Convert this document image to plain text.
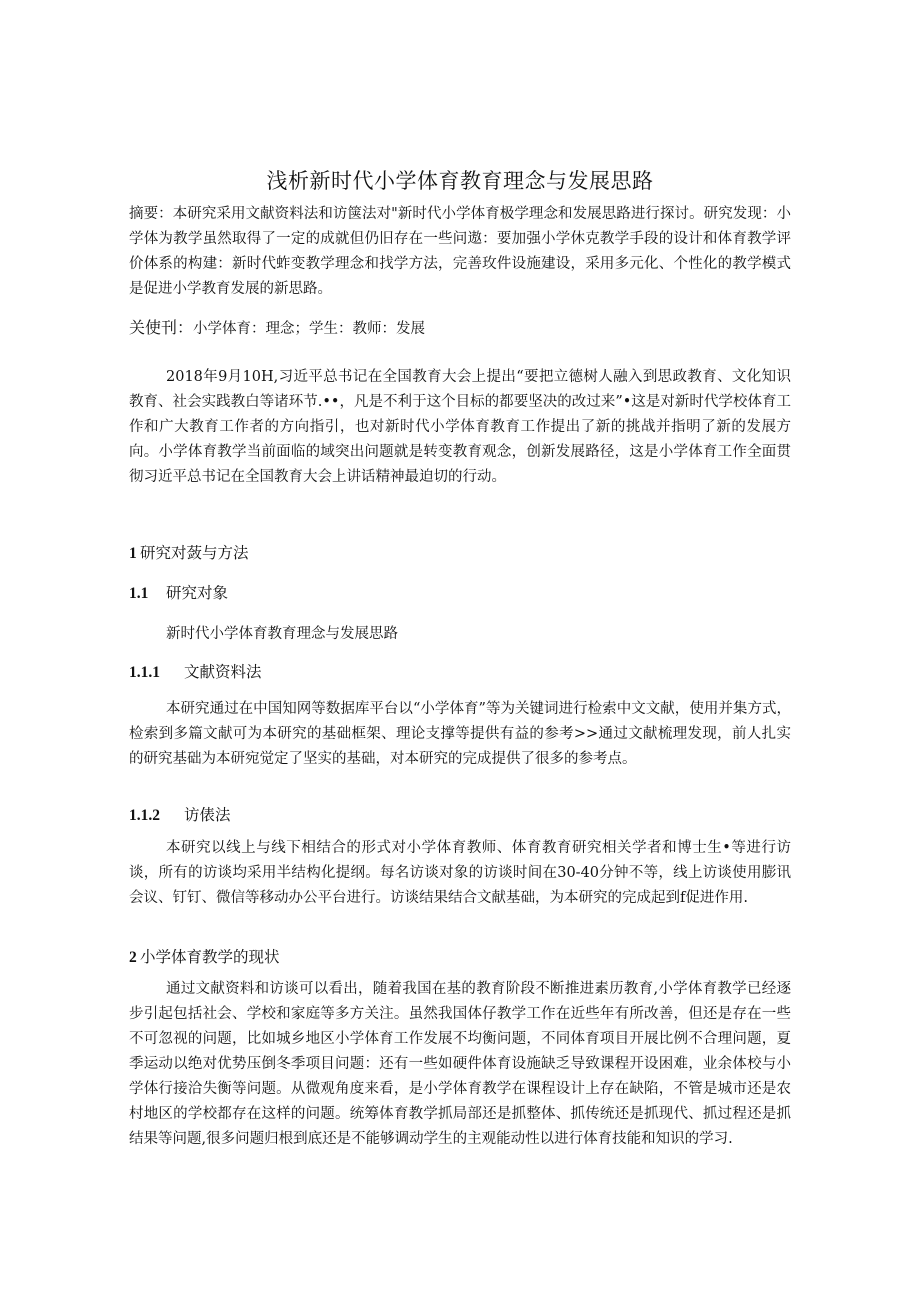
浅析新时代小学体育教育理念与发展思路
摘要：本研究采用文献资料法和访箧法对"新时代小学体育极学理念和发展思路进行探讨。研究发现：小学体为教学虽然取得了一定的成就但仍旧存在一些问遨：要加强小学休克教学手段的设计和体育教学评价体系的构建：新时代蚱变教学理念和找学方法，完善玫件设施建设，采用多元化、个性化的教学模式是促进小学教育发展的新思路。
关使刊：小学体育：理念；学生：教师：发展
2018年9月10H,习近平总书记在全国教育大会上提出“要把立德树人融入到思政教育、文化知识教育、社会实践教白等诸环节.••，凡是不利于这个目标的都要坚决的改过来”•这是对新时代学校体育工作和广大教育工作者的方向指引，也对新时代小学体育教育工作提出了新的挑战并指明了新的发展方向。小学体育教学当前面临的域突出问题就是转变教育观念，创新发展路径，这是小学体育工作全面贯彻习近平总书记在全国教育大会上讲话精神最迫切的行动。
1 研究对蔹与方法
1.1 研究对象
新时代小学体育教育理念与发展思路
1.1.1 文献资料法
本研究通过在中国知网等数据库平台以“小学体育”等为关键词进行检索中文文献，使用并集方式，检索到多篇文献可为本研究的基础框架、理论支撑等提供有益的参考>>通过文献梳理发现，前人扎实的研究基础为本研宛觉定了坚实的基础，对本研究的完成提供了很多的参考点。
1.1.2 访俵法
本研究以线上与线下相结合的形式对小学体育教师、体育教育研究相关学者和博士生•等进行访谈，所有的访谈均采用半结构化提纲。每名访谈对象的访谈时间在30-40分钟不等，线上访谈使用膨讯会议、钉钉、微信等移动办公平台进行。访谈结果结合文献基础，为本研究的完成起到f促进作用.
2 小学体育教学的现状
通过文献资料和访谈可以看出，随着我国在基的教育阶段不断推进素历教育,小学体育教学已经逐步引起包括社会、学校和家庭等多方关注。虽然我国体仔教学工作在近些年有所改善，但还是存在一些不可忽视的问题，比如城乡地区小学体育工作发展不均衡问题，不同体育项目开展比例不合理问题，夏季运动以绝对优势压倒冬季项目问题：还有一些如硬件体育设施缺乏导致课程开设困难，业余体校与小学体行接洽失衡等问题。从微观角度来看，是小学体育教学在课程设计上存在缺陷，不管是城市还是农村地区的学校都存在这样的问题。统筹体育教学抓局部还是抓整体、抓传统还是抓现代、抓过程还是抓结果等问题,很多问题归根到底还是不能够调动学生的主观能动性以进行体育技能和知识的学习.
